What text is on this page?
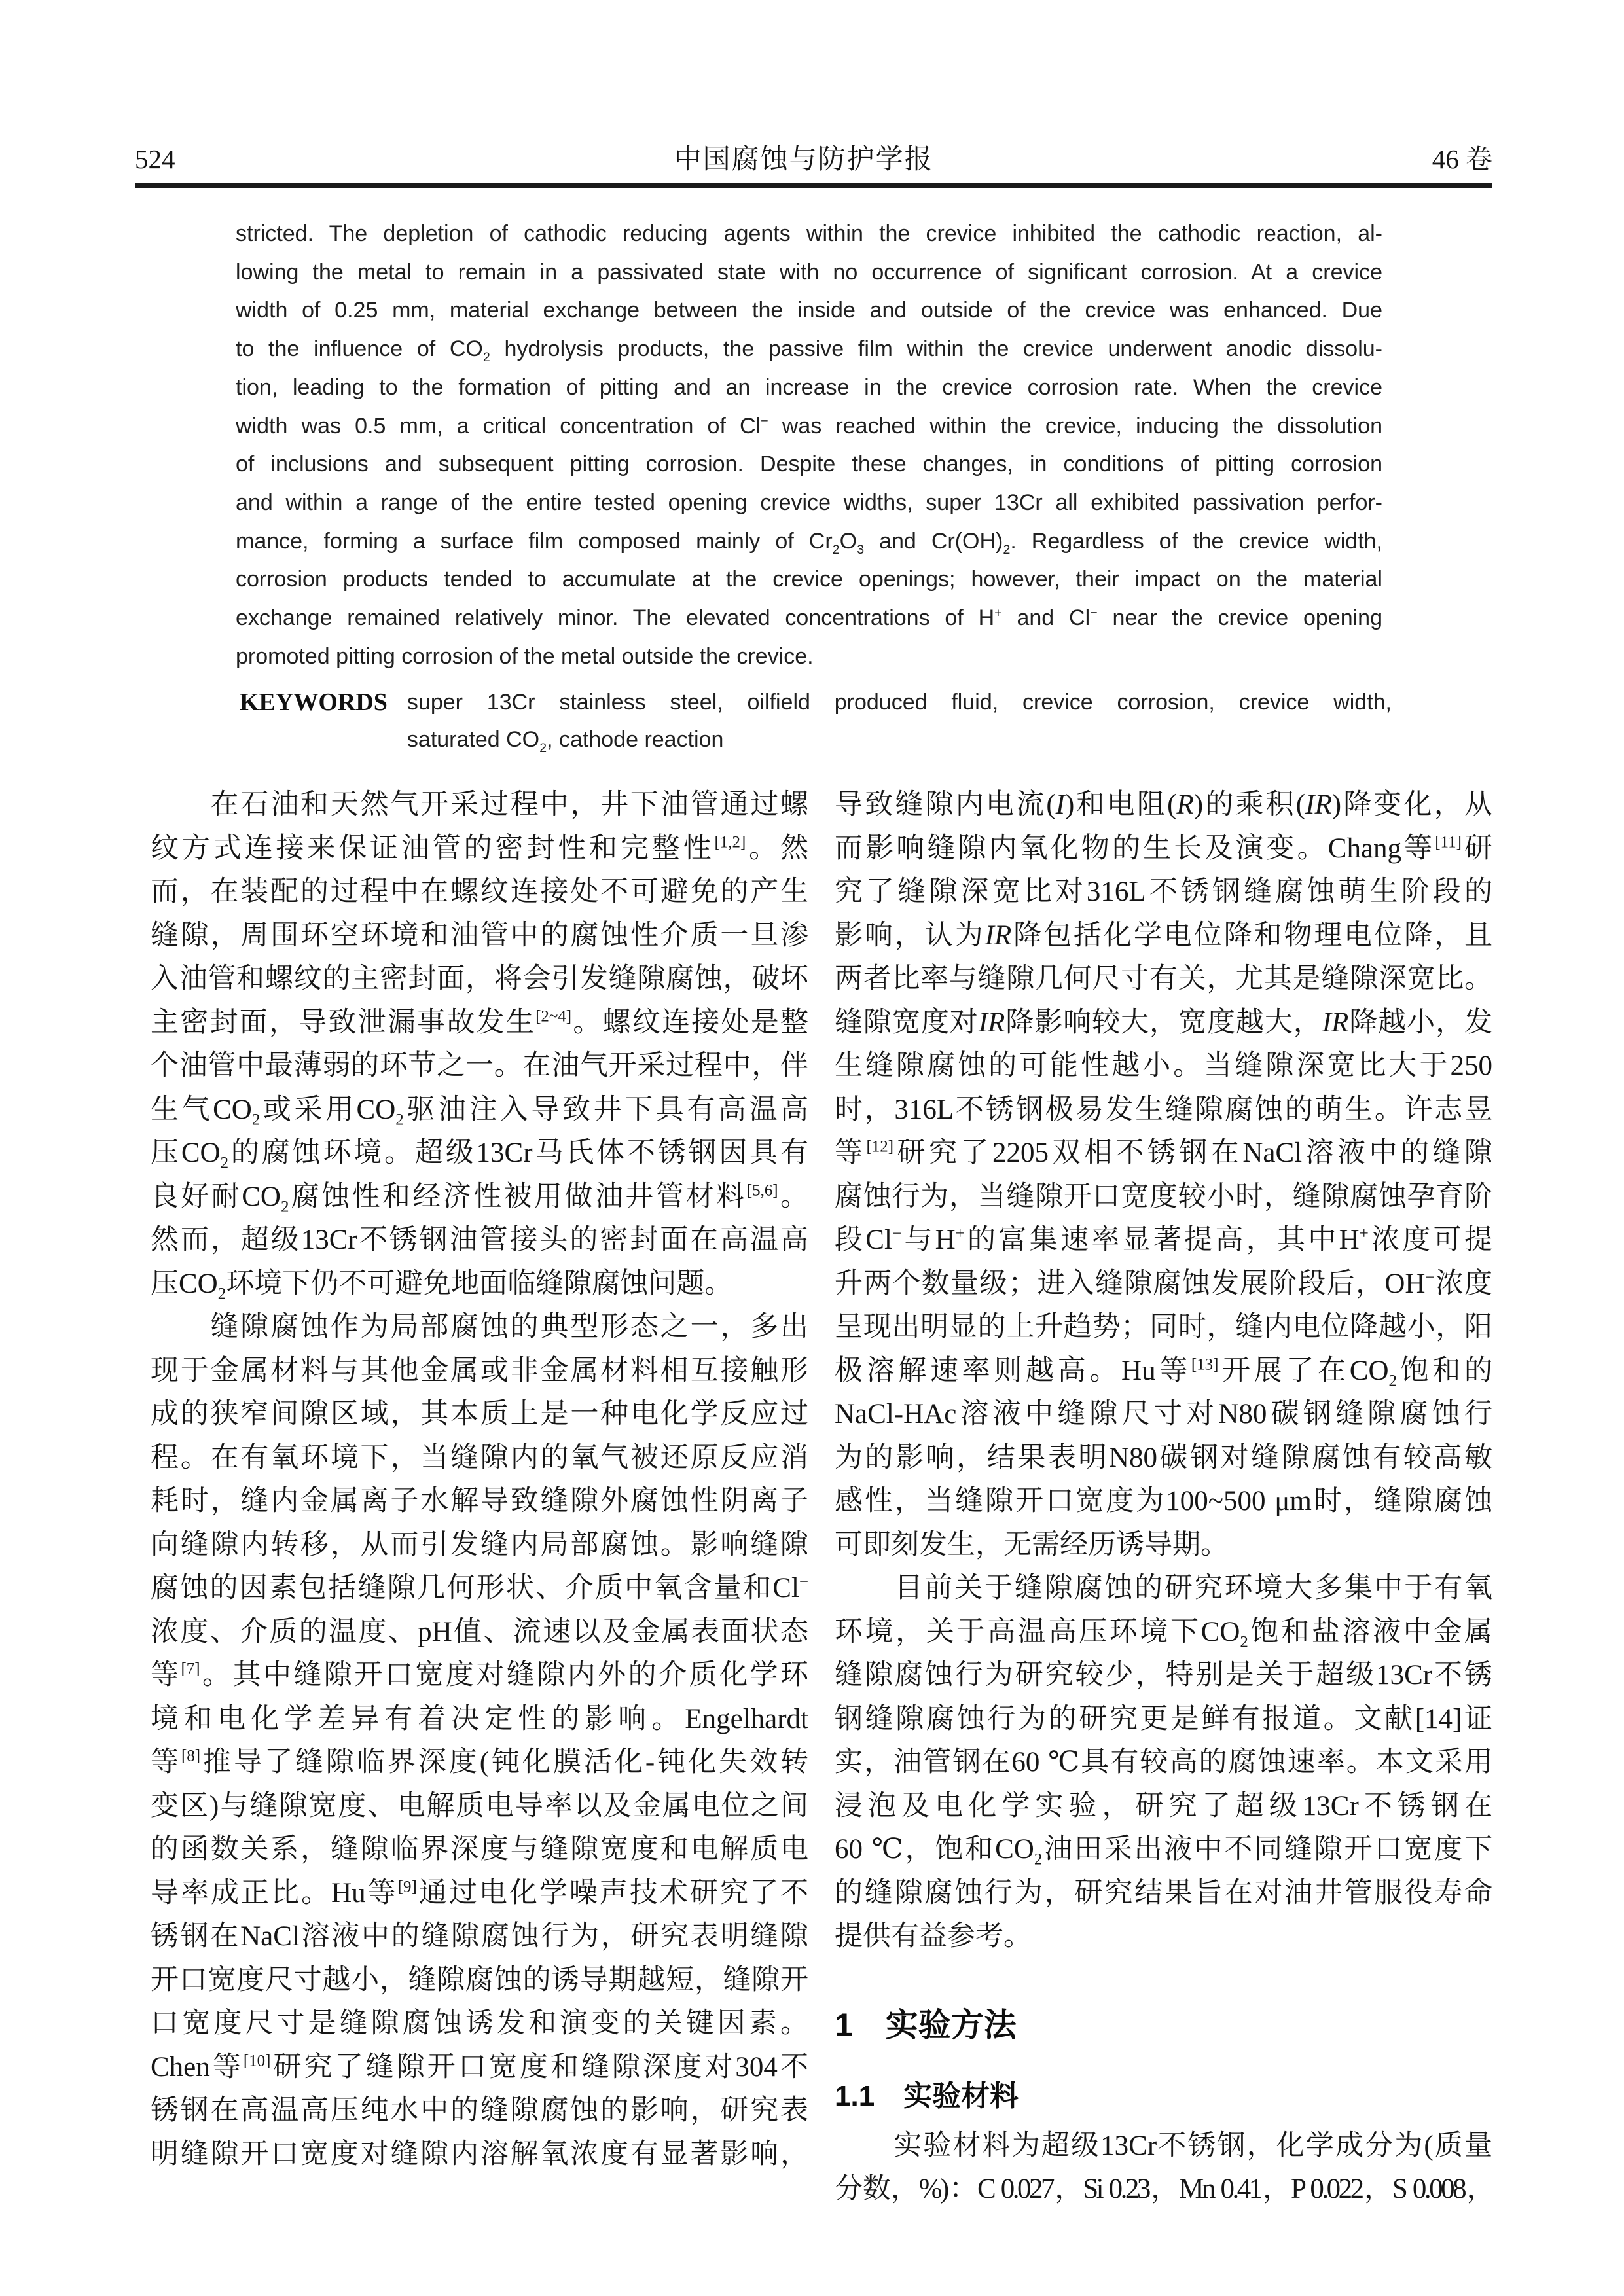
524	中国腐蚀与防护学报	46 卷
stricted. The depletion of cathodic reducing agents within the crevice inhibited the cathodic reaction, al-
lowing the metal to remain in a passivated state with no occurrence of significant corrosion. At a crevice
width of 0.25 mm, material exchange between the inside and outside of the crevice was enhanced. Due
to the influence of $CO_2$ hydrolysis products, the passive film within the crevice underwent anodic dissolu-
tion, leading to the formation of pitting and an increase in the crevice corrosion rate. When the crevice
width was 0.5 mm, a critical concentration of Cl− was reached within the crevice, inducing the dissolution
of inclusions and subsequent pitting corrosion. Despite these changes, in conditions of pitting corrosion
and within a range of the entire tested opening crevice widths, super 13Cr all exhibited passivation perfor-
mance, forming a surface film composed mainly of $Cr_2O_3$ and $Cr(OH)_2$. Regardless of the crevice width,
corrosion products tended to accumulate at the crevice openings; however, their impact on the material
exchange remained relatively minor. The elevated concentrations of H+ and Cl− near the crevice opening
promoted pitting corrosion of the metal outside the crevice.
KEYWORDS super 13Cr stainless steel, oilfield produced fluid, crevice corrosion, crevice width,
saturated $CO_2$, cathode reaction
　　在石油和天然气开采过程中，井下油管通过螺
纹方式连接来保证油管的密封性和完整性[1,2]。然
而，在装配的过程中在螺纹连接处不可避免的产生
缝隙，周围环空环境和油管中的腐蚀性介质一旦渗
入油管和螺纹的主密封面，将会引发缝隙腐蚀，破坏
主密封面，导致泄漏事故发生[2~4]。螺纹连接处是整
个油管中最薄弱的环节之一。在油气开采过程中，伴
生气$CO_2$或采用$CO_2$驱油注入导致井下具有高温高
压$CO_2$的腐蚀环境。超级13Cr马氏体不锈钢因具有
良好耐$CO_2$腐蚀性和经济性被用做油井管材料[5,6]。
然而，超级13Cr不锈钢油管接头的密封面在高温高
压$CO_2$环境下仍不可避免地面临缝隙腐蚀问题。
　　缝隙腐蚀作为局部腐蚀的典型形态之一，多出
现于金属材料与其他金属或非金属材料相互接触形
成的狭窄间隙区域，其本质上是一种电化学反应过
程。在有氧环境下，当缝隙内的氧气被还原反应消
耗时，缝内金属离子水解导致缝隙外腐蚀性阴离子
向缝隙内转移，从而引发缝内局部腐蚀。影响缝隙
腐蚀的因素包括缝隙几何形状、介质中氧含量和Cl−
浓度、介质的温度、pH值、流速以及金属表面状态
等[7]。其中缝隙开口宽度对缝隙内外的介质化学环
境和电化学差异有着决定性的影响。Engelhardt
等[8]推导了缝隙临界深度(钝化膜活化-钝化失效转
变区)与缝隙宽度、电解质电导率以及金属电位之间
的函数关系，缝隙临界深度与缝隙宽度和电解质电
导率成正比。Hu等[9]通过电化学噪声技术研究了不
锈钢在NaCl溶液中的缝隙腐蚀行为，研究表明缝隙
开口宽度尺寸越小，缝隙腐蚀的诱导期越短，缝隙开
口宽度尺寸是缝隙腐蚀诱发和演变的关键因素。
Chen等[10]研究了缝隙开口宽度和缝隙深度对304不
锈钢在高温高压纯水中的缝隙腐蚀的影响，研究表
明缝隙开口宽度对缝隙内溶解氧浓度有显著影响，
导致缝隙内电流(I)和电阻(R)的乘积(IR)降变化，从
而影响缝隙内氧化物的生长及演变。Chang等[11]研
究了缝隙深宽比对316L不锈钢缝腐蚀萌生阶段的
影响，认为IR降包括化学电位降和物理电位降，且
两者比率与缝隙几何尺寸有关，尤其是缝隙深宽比。
缝隙宽度对IR降影响较大，宽度越大，IR降越小，发
生缝隙腐蚀的可能性越小。当缝隙深宽比大于250
时，316L不锈钢极易发生缝隙腐蚀的萌生。许志昱
等[12]研究了2205双相不锈钢在NaCl溶液中的缝隙
腐蚀行为，当缝隙开口宽度较小时，缝隙腐蚀孕育阶
段Cl−与H+的富集速率显著提高，其中H+浓度可提
升两个数量级；进入缝隙腐蚀发展阶段后，OH−浓度
呈现出明显的上升趋势；同时，缝内电位降越小，阳
极溶解速率则越高。Hu等[13]开展了在$CO_2$饱和的
NaCl-HAc溶液中缝隙尺寸对N80碳钢缝隙腐蚀行
为的影响，结果表明N80碳钢对缝隙腐蚀有较高敏
感性，当缝隙开口宽度为100~500 μm时，缝隙腐蚀
可即刻发生，无需经历诱导期。
　　目前关于缝隙腐蚀的研究环境大多集中于有氧
环境，关于高温高压环境下$CO_2$饱和盐溶液中金属
缝隙腐蚀行为研究较少，特别是关于超级13Cr不锈
钢缝隙腐蚀行为的研究更是鲜有报道。文献[14]证
实，油管钢在60 ℃具有较高的腐蚀速率。本文采用
浸泡及电化学实验，研究了超级13Cr不锈钢在
60 ℃，饱和$CO_2$油田采出液中不同缝隙开口宽度下
的缝隙腐蚀行为，研究结果旨在对油井管服役寿命
提供有益参考。
1　实验方法
1.1　实验材料
　　实验材料为超级13Cr不锈钢，化学成分为(质量
分数，%)：C 0.027，Si 0.23，Mn 0.41，P 0.022，S 0.008，
